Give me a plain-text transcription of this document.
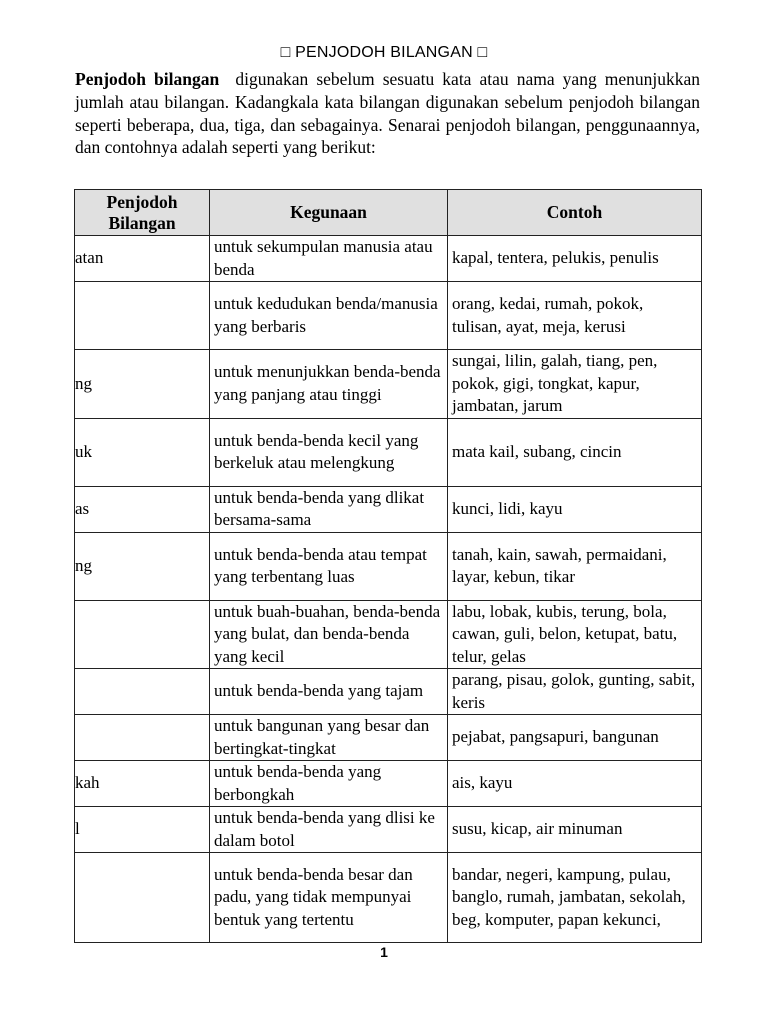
□ PENJODOH BILANGAN □
Penjodoh bilangan digunakan sebelum sesuatu kata atau nama yang menunjukkan jumlah atau bilangan. Kadangkala kata bilangan digunakan sebelum penjodoh bilangan seperti beberapa, dua, tiga, dan sebagainya. Senarai penjodoh bilangan, penggunaannya, dan contohnya adalah seperti yang berikut:
Penjodoh Bilangan	Kegunaan	Contoh

atan	untuk sekumpulan manusia atau benda	kapal, tentera, pelukis, penulis

	untuk kedudukan benda/manusia yang berbaris	orang, kedai, rumah, pokok, tulisan, ayat, meja, kerusi

ng	untuk menunjukkan benda-benda yang panjang atau tinggi	sungai, lilin, galah, tiang, pen, pokok, gigi, tongkat, kapur, jambatan, jarum

uk	untuk benda-benda kecil yang berkeluk atau melengkung	mata kail, subang, cincin

as	untuk benda-benda yang dlikat bersama-sama	kunci, lidi, kayu

ng	untuk benda-benda atau tempat yang terbentang luas	tanah, kain, sawah, permaidani, layar, kebun, tikar

	untuk buah-buahan, benda-benda yang bulat, dan benda-benda yang kecil	labu, lobak, kubis, terung, bola, cawan, guli, belon, ketupat, batu, telur, gelas

	untuk benda-benda yang tajam	parang, pisau, golok, gunting, sabit, keris

	untuk bangunan yang besar dan bertingkat-tingkat	pejabat, pangsapuri, bangunan

kah	untuk benda-benda yang berbongkah	ais, kayu

l	untuk benda-benda yang dlisi ke dalam botol	susu, kicap, air minuman

	untuk benda-benda besar dan padu, yang tidak mempunyai bentuk yang tertentu	bandar, negeri, kampung, pulau, banglo, rumah, jambatan, sekolah, beg, komputer, papan kekunci,
1
